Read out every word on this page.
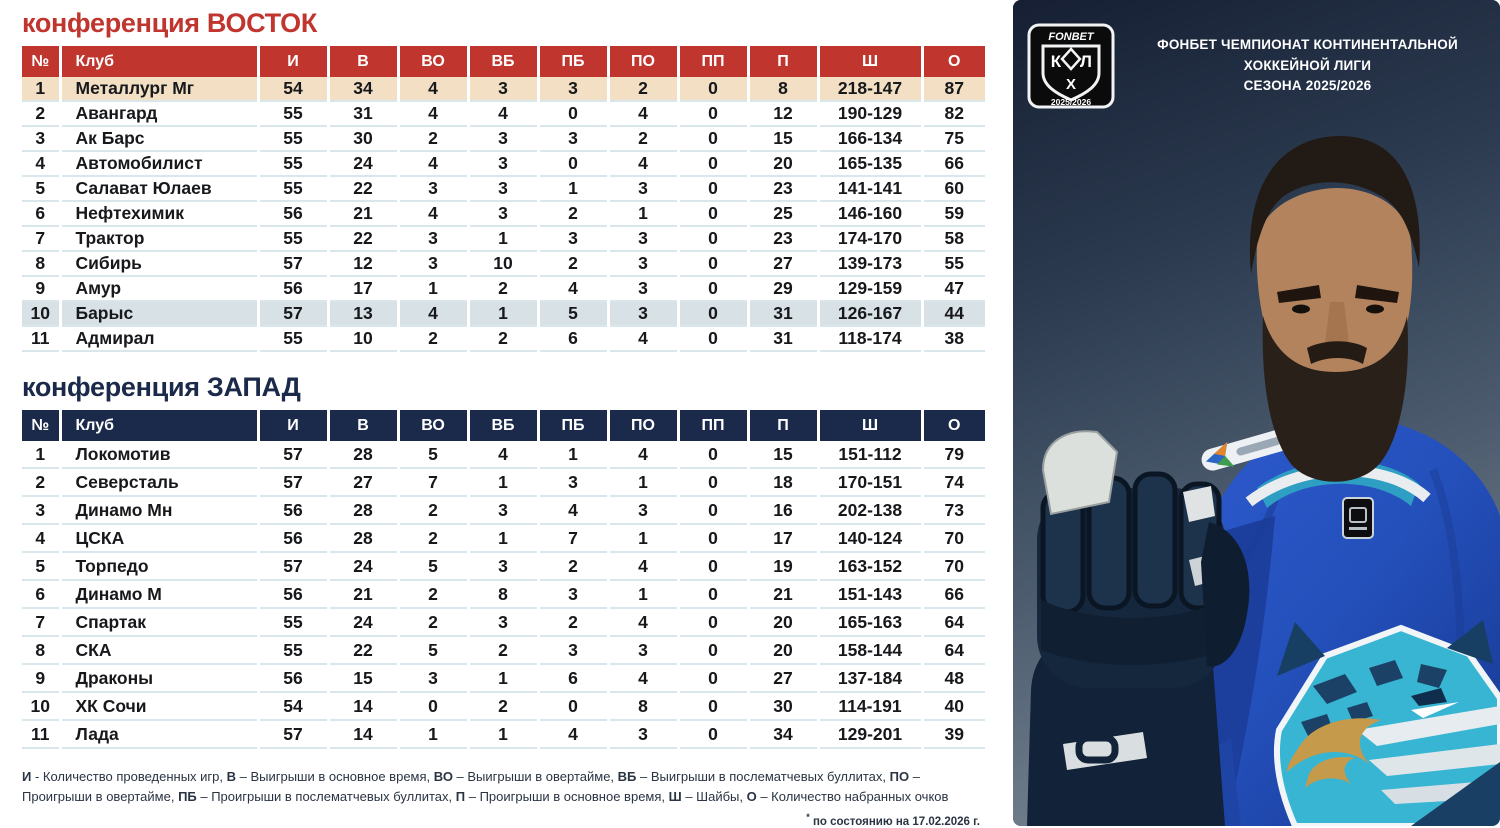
конференция ВОСТОК
№	Клуб	И	В	ВО	ВБ	ПБ	ПО	ПП	П	Ш	О
1	Металлург Мг	54	34	4	3	3	2	0	8	218-147	87
2	Авангард	55	31	4	4	0	4	0	12	190-129	82
3	Ак Барс	55	30	2	3	3	2	0	15	166-134	75
4	Автомобилист	55	24	4	3	0	4	0	20	165-135	66
5	Салават Юлаев	55	22	3	3	1	3	0	23	141-141	60
6	Нефтехимик	56	21	4	3	2	1	0	25	146-160	59
7	Трактор	55	22	3	1	3	3	0	23	174-170	58
8	Сибирь	57	12	3	10	2	3	0	27	139-173	55
9	Амур	56	17	1	2	4	3	0	29	129-159	47
10	Барыс	57	13	4	1	5	3	0	31	126-167	44
11	Адмирал	55	10	2	2	6	4	0	31	118-174	38
конференция ЗАПАД
№	Клуб	И	В	ВО	ВБ	ПБ	ПО	ПП	П	Ш	О
1	Локомотив	57	28	5	4	1	4	0	15	151-112	79
2	Северсталь	57	27	7	1	3	1	0	18	170-151	74
3	Динамо Мн	56	28	2	3	4	3	0	16	202-138	73
4	ЦСКА	56	28	2	1	7	1	0	17	140-124	70
5	Торпедо	57	24	5	3	2	4	0	19	163-152	70
6	Динамо М	56	21	2	8	3	1	0	21	151-143	66
7	Спартак	55	24	2	3	2	4	0	20	165-163	64
8	СКА	55	22	5	2	3	3	0	20	158-144	64
9	Драконы	56	15	3	1	6	4	0	27	137-184	48
10	ХК Сочи	54	14	0	2	0	8	0	30	114-191	40
11	Лада	57	14	1	1	4	3	0	34	129-201	39

И - Количество проведенных игр, В – Выигрыши в основное время, ВО – Выигрыши в овертайме, ВБ – Выигрыши в послематчевых буллитах, ПО – Проигрыши в овертайме, ПБ – Проигрыши в послематчевых буллитах, П – Проигрыши в основное время, Ш – Шайбы, О – Количество набранных очков

* по состоянию на 17.02.2026 г.

FONBET
К Л
Х
2025/2026
ФОНБЕТ ЧЕМПИОНАТ КОНТИНЕНТАЛЬНОЙ ХОККЕЙНОЙ ЛИГИ
СЕЗОНА 2025/2026
